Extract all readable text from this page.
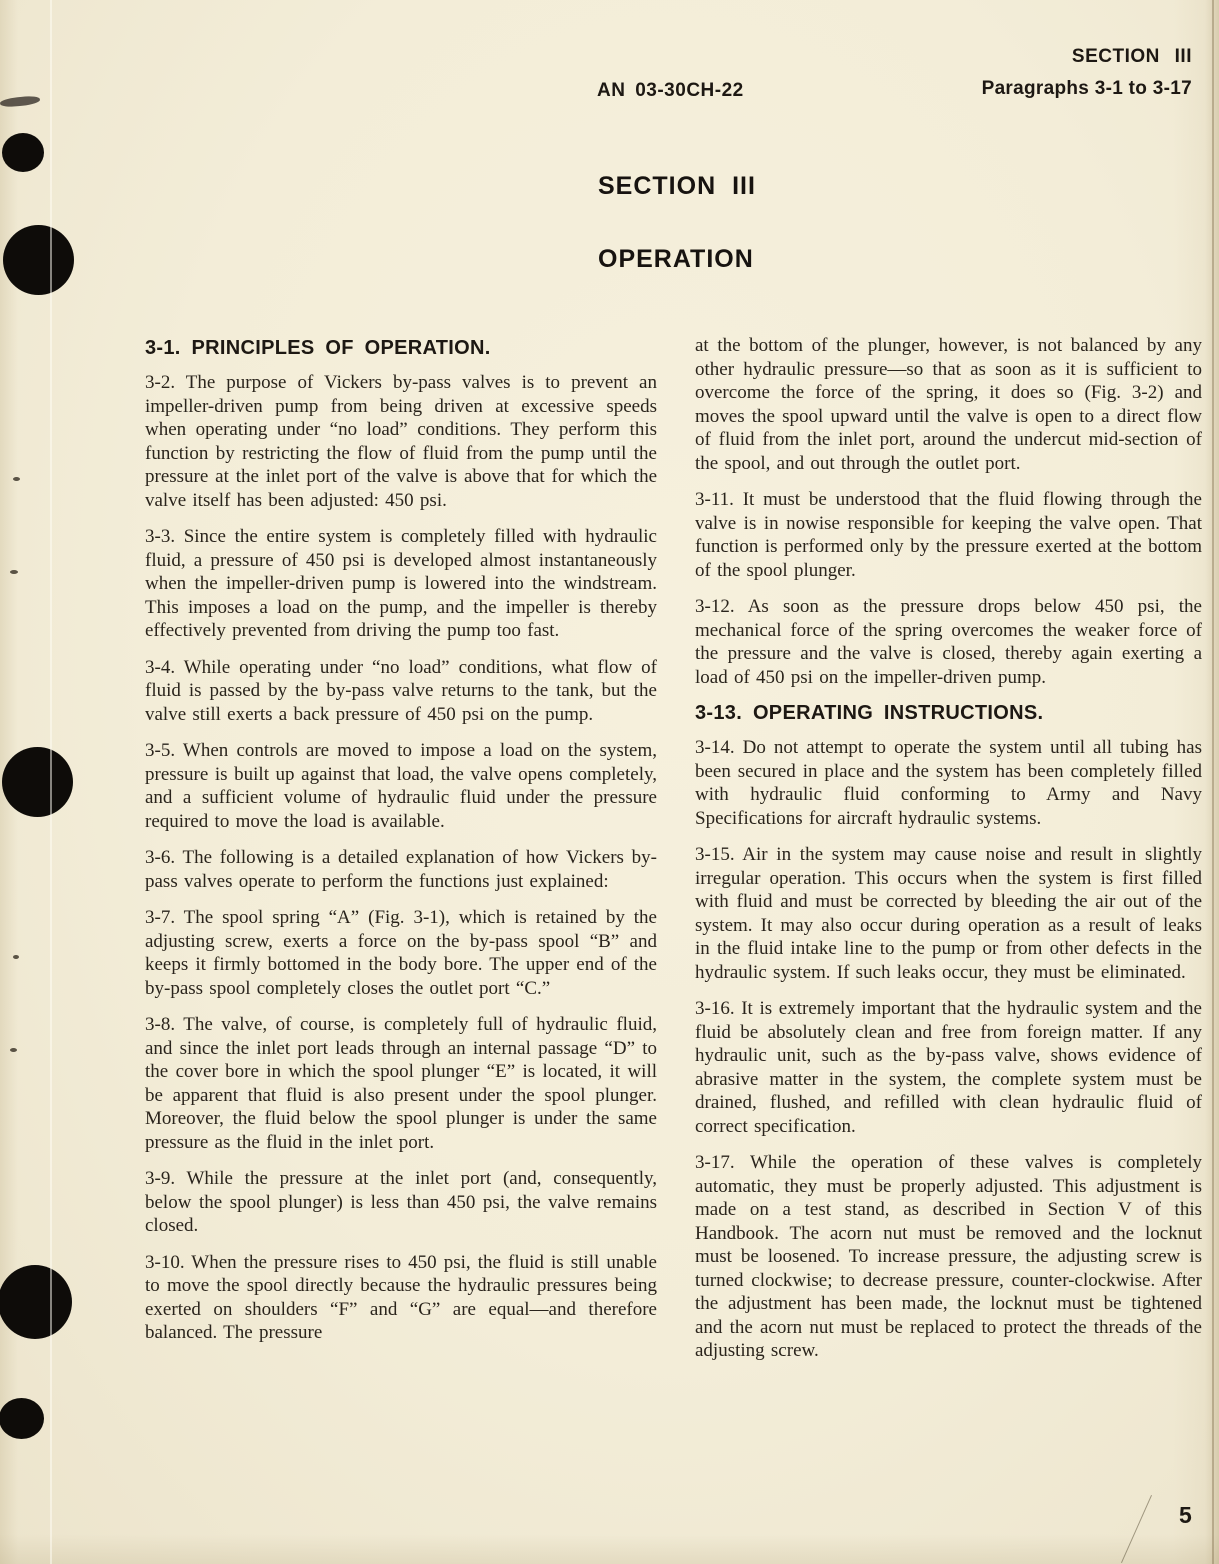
SECTION III
AN 03-30CH-22	Paragraphs 3-1 to 3-17
SECTION III
OPERATION
3-1. PRINCIPLES OF OPERATION.

3-2. The purpose of Vickers by-pass valves is to prevent an impeller-driven pump from being driven at excessive speeds when operating under “no load” conditions. They perform this function by restricting the flow of fluid from the pump until the pressure at the inlet port of the valve is above that for which the valve itself has been adjusted: 450 psi.

3-3. Since the entire system is completely filled with hydraulic fluid, a pressure of 450 psi is developed almost instantaneously when the impeller-driven pump is lowered into the windstream. This imposes a load on the pump, and the impeller is thereby effectively prevented from driving the pump too fast.

3-4. While operating under “no load” conditions, what flow of fluid is passed by the by-pass valve returns to the tank, but the valve still exerts a back pressure of 450 psi on the pump.

3-5. When controls are moved to impose a load on the system, pressure is built up against that load, the valve opens completely, and a sufficient volume of hydraulic fluid under the pressure required to move the load is available.

3-6. The following is a detailed explanation of how Vickers by-pass valves operate to perform the functions just explained:

3-7. The spool spring “A” (Fig. 3-1), which is retained by the adjusting screw, exerts a force on the by-pass spool “B” and keeps it firmly bottomed in the body bore. The upper end of the by-pass spool completely closes the outlet port “C.”

3-8. The valve, of course, is completely full of hydraulic fluid, and since the inlet port leads through an internal passage “D” to the cover bore in which the spool plunger “E” is located, it will be apparent that fluid is also present under the spool plunger. Moreover, the fluid below the spool plunger is under the same pressure as the fluid in the inlet port.

3-9. While the pressure at the inlet port (and, consequently, below the spool plunger) is less than 450 psi, the valve remains closed.

3-10. When the pressure rises to 450 psi, the fluid is still unable to move the spool directly because the hydraulic pressures being exerted on shoulders “F” and “G” are equal—and therefore balanced. The pressure

at the bottom of the plunger, however, is not balanced by any other hydraulic pressure—so that as soon as it is sufficient to overcome the force of the spring, it does so (Fig. 3-2) and moves the spool upward until the valve is open to a direct flow of fluid from the inlet port, around the undercut mid-section of the spool, and out through the outlet port.

3-11. It must be understood that the fluid flowing through the valve is in nowise responsible for keeping the valve open. That function is performed only by the pressure exerted at the bottom of the spool plunger.

3-12. As soon as the pressure drops below 450 psi, the mechanical force of the spring overcomes the weaker force of the pressure and the valve is closed, thereby again exerting a load of 450 psi on the impeller-driven pump.

3-13. OPERATING INSTRUCTIONS.

3-14. Do not attempt to operate the system until all tubing has been secured in place and the system has been completely filled with hydraulic fluid conforming to Army and Navy Specifications for aircraft hydraulic systems.

3-15. Air in the system may cause noise and result in slightly irregular operation. This occurs when the system is first filled with fluid and must be corrected by bleeding the air out of the system. It may also occur during operation as a result of leaks in the fluid intake line to the pump or from other defects in the hydraulic system. If such leaks occur, they must be eliminated.

3-16. It is extremely important that the hydraulic system and the fluid be absolutely clean and free from foreign matter. If any hydraulic unit, such as the by-pass valve, shows evidence of abrasive matter in the system, the complete system must be drained, flushed, and refilled with clean hydraulic fluid of correct specification.

3-17. While the operation of these valves is completely automatic, they must be properly adjusted. This adjustment is made on a test stand, as described in Section V of this Handbook. The acorn nut must be removed and the locknut must be loosened. To increase pressure, the adjusting screw is turned clockwise; to decrease pressure, counter-clockwise. After the adjustment has been made, the locknut must be tightened and the acorn nut must be replaced to protect the threads of the adjusting screw.

5
